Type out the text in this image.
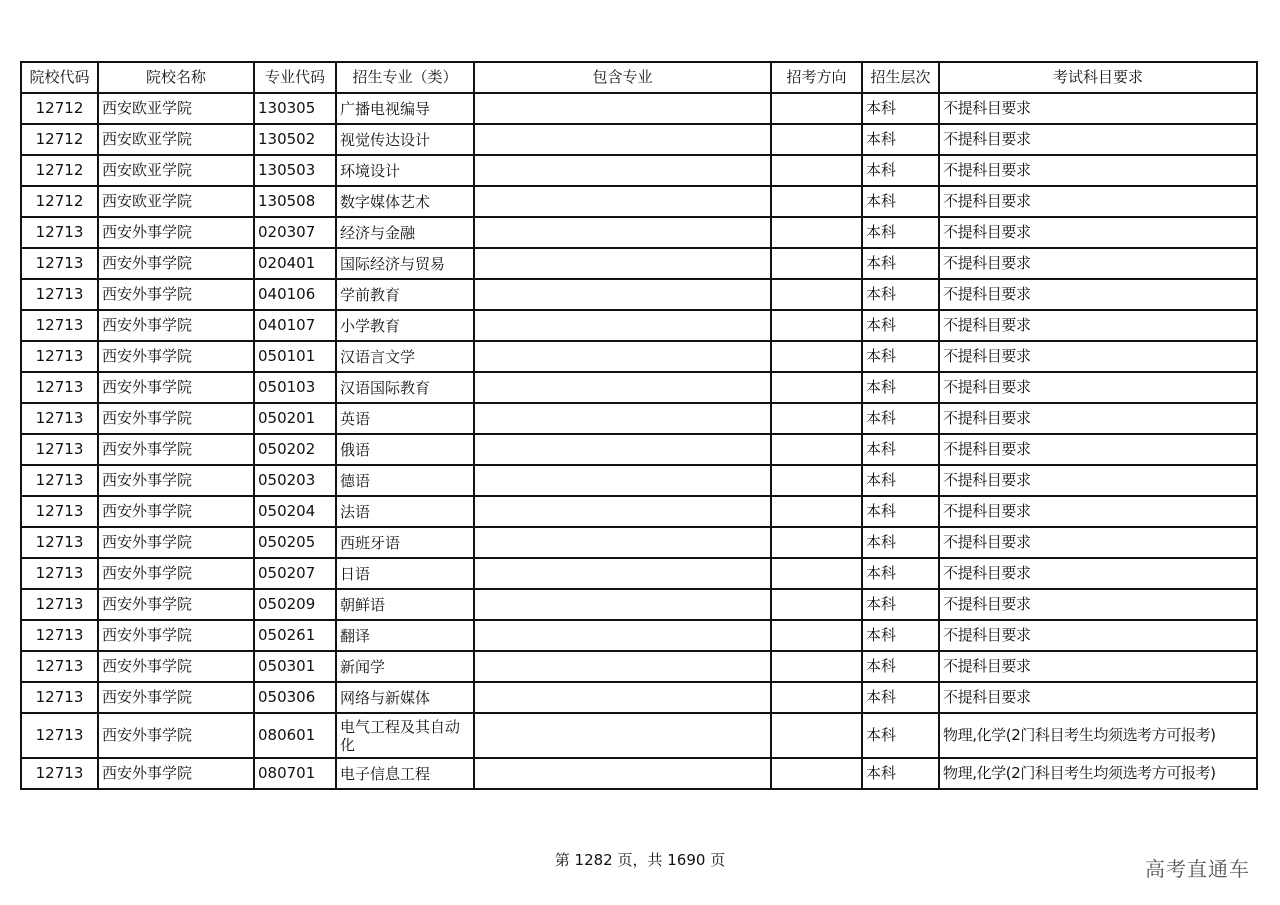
院校代码	院校名称	专业代码	招生专业（类）	包含专业	招考方向	招生层次	考试科目要求
12712	西安欧亚学院	130305	广播电视编导			本科	不提科目要求
12712	西安欧亚学院	130502	视觉传达设计			本科	不提科目要求
12712	西安欧亚学院	130503	环境设计			本科	不提科目要求
12712	西安欧亚学院	130508	数字媒体艺术			本科	不提科目要求
12713	西安外事学院	020307	经济与金融			本科	不提科目要求
12713	西安外事学院	020401	国际经济与贸易			本科	不提科目要求
12713	西安外事学院	040106	学前教育			本科	不提科目要求
12713	西安外事学院	040107	小学教育			本科	不提科目要求
12713	西安外事学院	050101	汉语言文学			本科	不提科目要求
12713	西安外事学院	050103	汉语国际教育			本科	不提科目要求
12713	西安外事学院	050201	英语			本科	不提科目要求
12713	西安外事学院	050202	俄语			本科	不提科目要求
12713	西安外事学院	050203	德语			本科	不提科目要求
12713	西安外事学院	050204	法语			本科	不提科目要求
12713	西安外事学院	050205	西班牙语			本科	不提科目要求
12713	西安外事学院	050207	日语			本科	不提科目要求
12713	西安外事学院	050209	朝鲜语			本科	不提科目要求
12713	西安外事学院	050261	翻译			本科	不提科目要求
12713	西安外事学院	050301	新闻学			本科	不提科目要求
12713	西安外事学院	050306	网络与新媒体			本科	不提科目要求
12713	西安外事学院	080601	电气工程及其自动化			本科	物理,化学(2门科目考生均须选考方可报考)
12713	西安外事学院	080701	电子信息工程			本科	物理,化学(2门科目考生均须选考方可报考)
第 1282 页，共 1690 页	高考直通车
